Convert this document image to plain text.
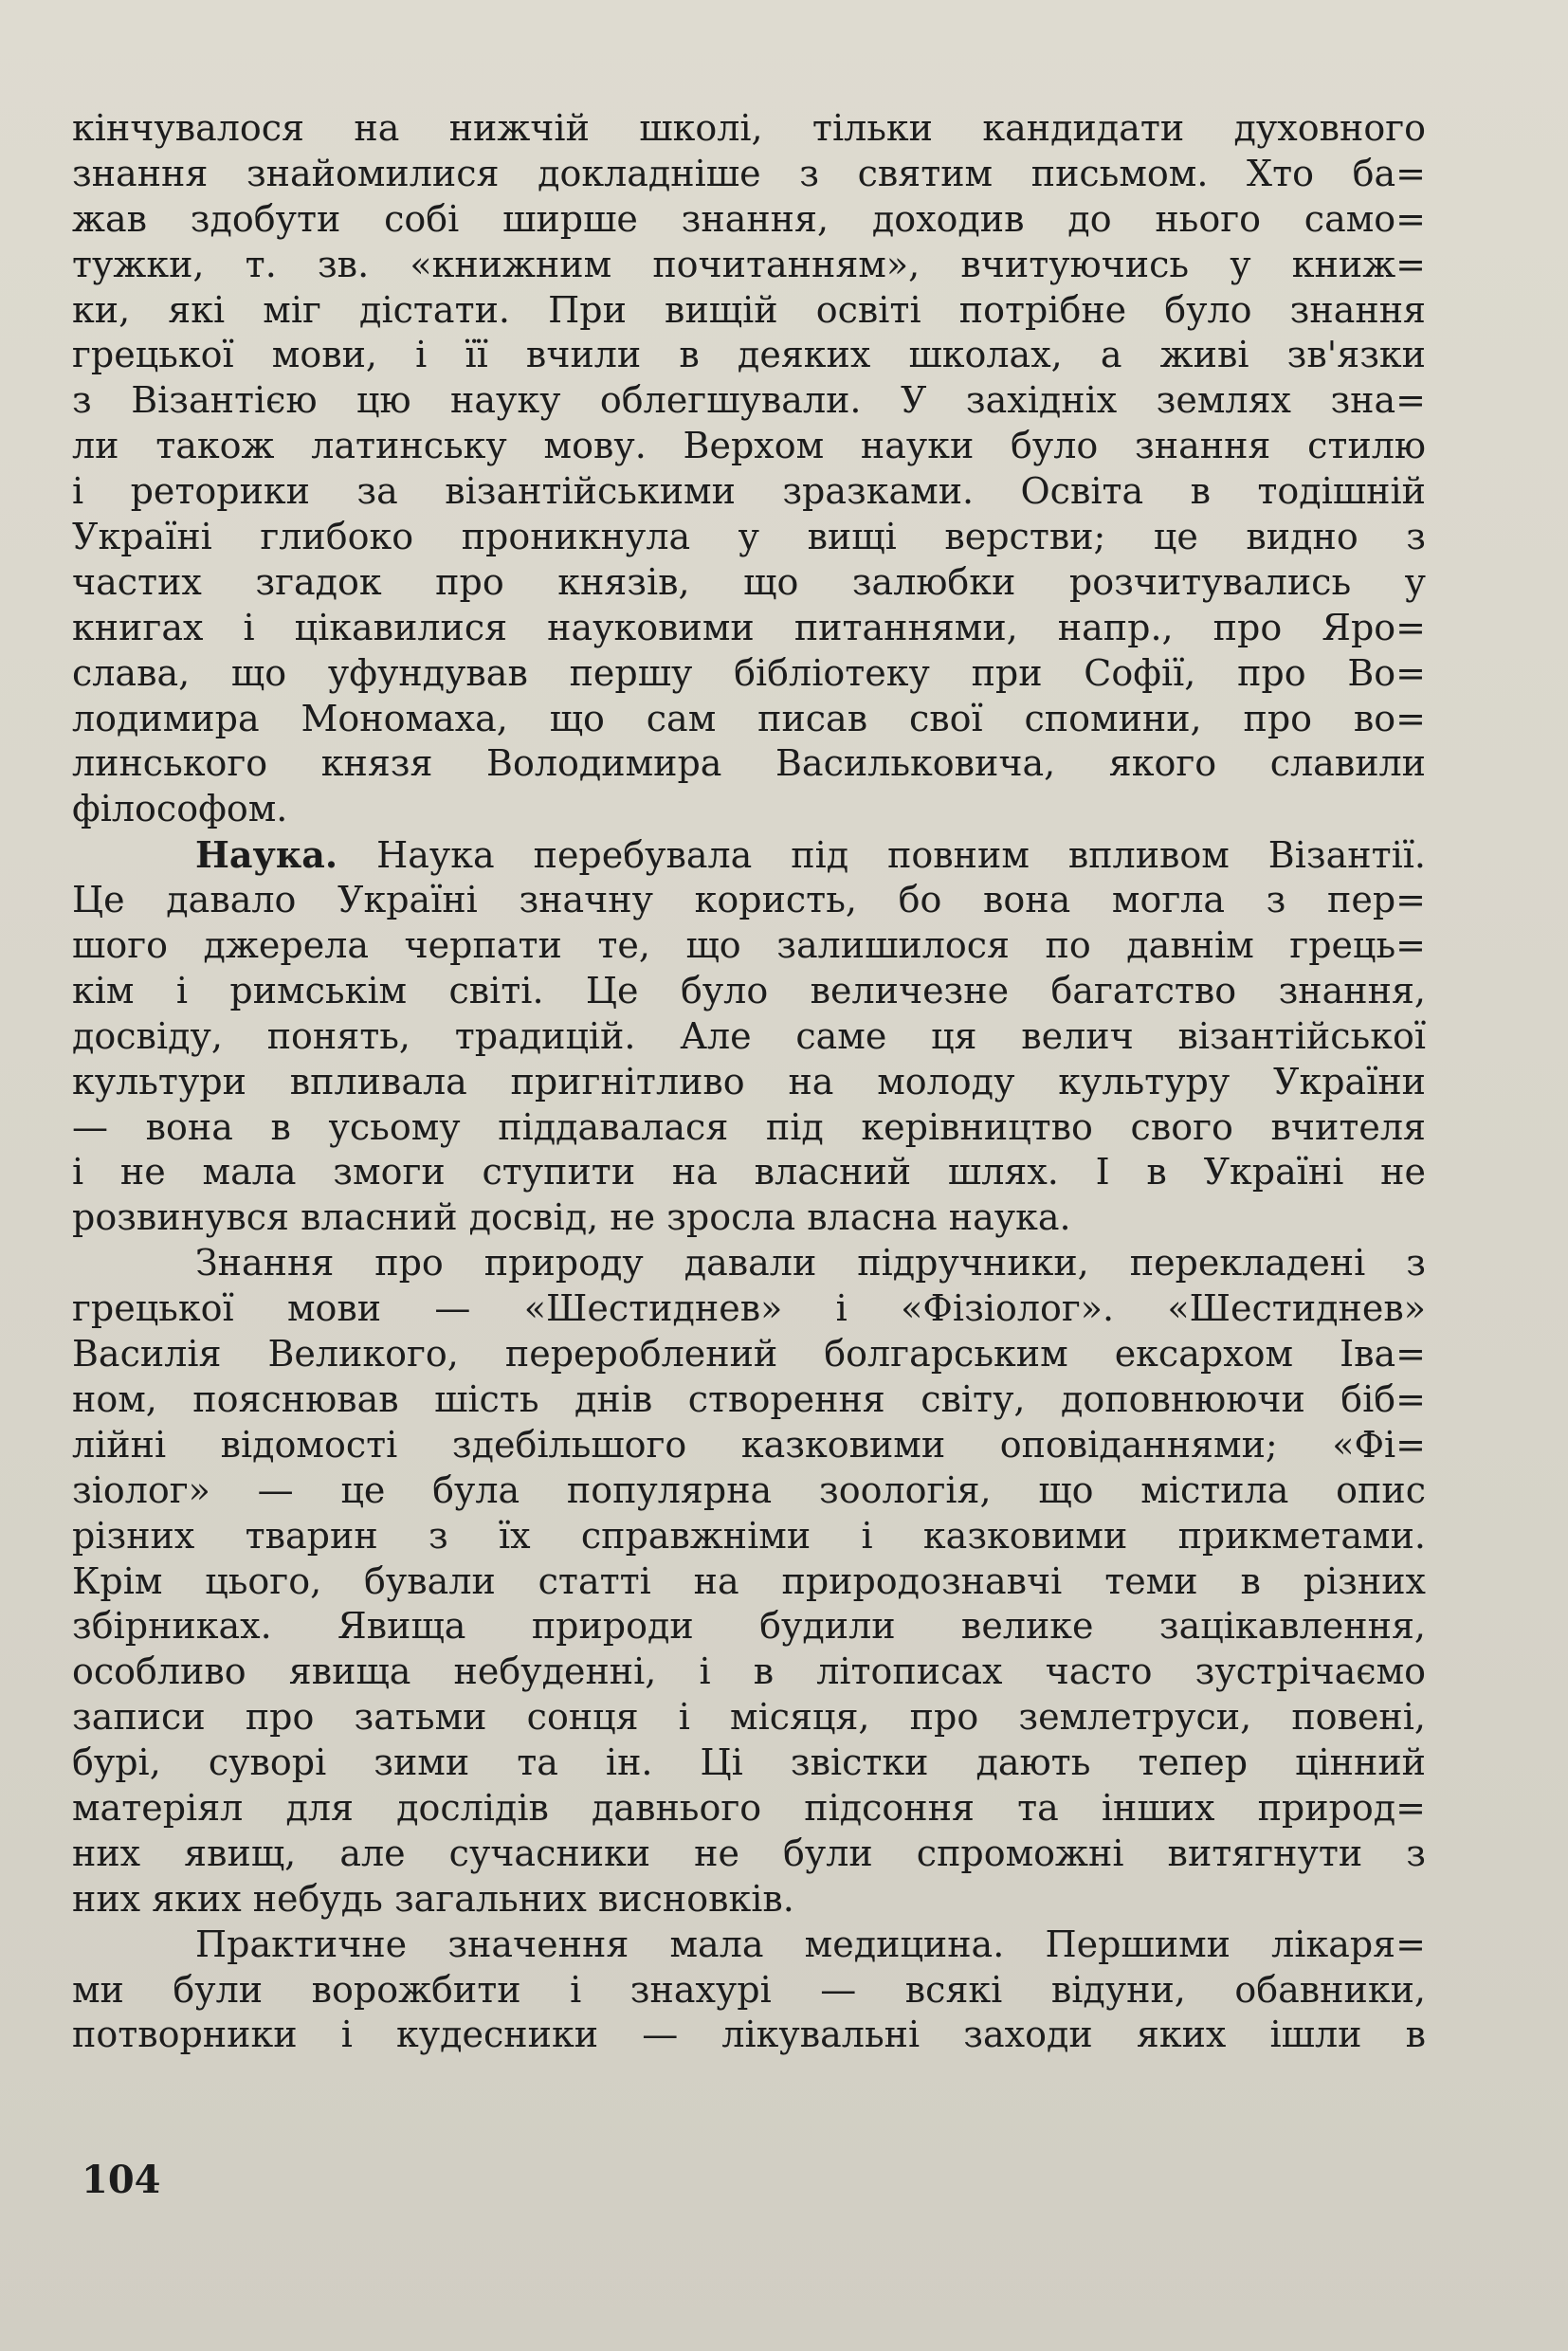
кінчувалося на нижчій школі, тільки кандидати духовного
знання знайомилися докладніше з святим письмом. Хто ба=
жав здобути собі ширше знання, доходив до нього само=
тужки, т. зв. «книжним почитанням», вчитуючись у книж=
ки, які міг дістати. При вищій освіті потрібне було знання
грецької мови, і її вчили в деяких школах, а живі зв'язки
з Візантією цю науку облегшували. У західніх землях зна=
ли також латинську мову. Верхом науки було знання стилю
і реторики за візантійськими зразками. Освіта в тодішній
Україні глибоко проникнула у вищі верстви; це видно з
частих згадок про князів, що залюбки розчитувались у
книгах і цікавилися науковими питаннями, напр., про Яро=
слава, що уфундував першу бібліотеку при Софії, про Во=
лодимира Мономаха, що сам писав свої спомини, про во=
линського князя Володимира Васильковича, якого славили
філософом.
Наука. Наука перебувала під повним впливом Візантії.
Це давало Україні значну користь, бо вона могла з пер=
шого джерела черпати те, що залишилося по давнім грець=
кім і римськім світі. Це було величезне багатство знання,
досвіду, понять, традицій. Але саме ця велич візантійської
культури впливала пригнітливо на молоду культуру України
— вона в усьому піддавалася під керівництво свого вчителя
і не мала змоги ступити на власний шлях. І в Україні не
розвинувся власний досвід, не зросла власна наука.
Знання про природу давали підручники, перекладені з
грецької мови — «Шестиднев» і «Фізіолог». «Шестиднев»
Василія Великого, перероблений болгарським ексархом Іва=
ном, пояснював шість днів створення світу, доповнюючи біб=
лійні відомості здебільшого казковими оповіданнями; «Фі=
зіолог» — це була популярна зоологія, що містила опис
різних тварин з їх справжніми і казковими прикметами.
Крім цього, бували статті на природознавчі теми в різних
збірниках. Явища природи будили велике зацікавлення,
особливо явища небуденні, і в літописах часто зустрічаємо
записи про затьми сонця і місяця, про землетруси, повені,
бурі, суворі зими та ін. Ці звістки дають тепер цінний
матеріял для дослідів давнього підсоння та інших природ=
них явищ, але сучасники не були спроможні витягнути з
них яких небудь загальних висновків.
Практичне значення мала медицина. Першими лікаря=
ми були ворожбити і знахурі — всякі відуни, обавники,
потворники і кудесники — лікувальні заходи яких ішли в
104
